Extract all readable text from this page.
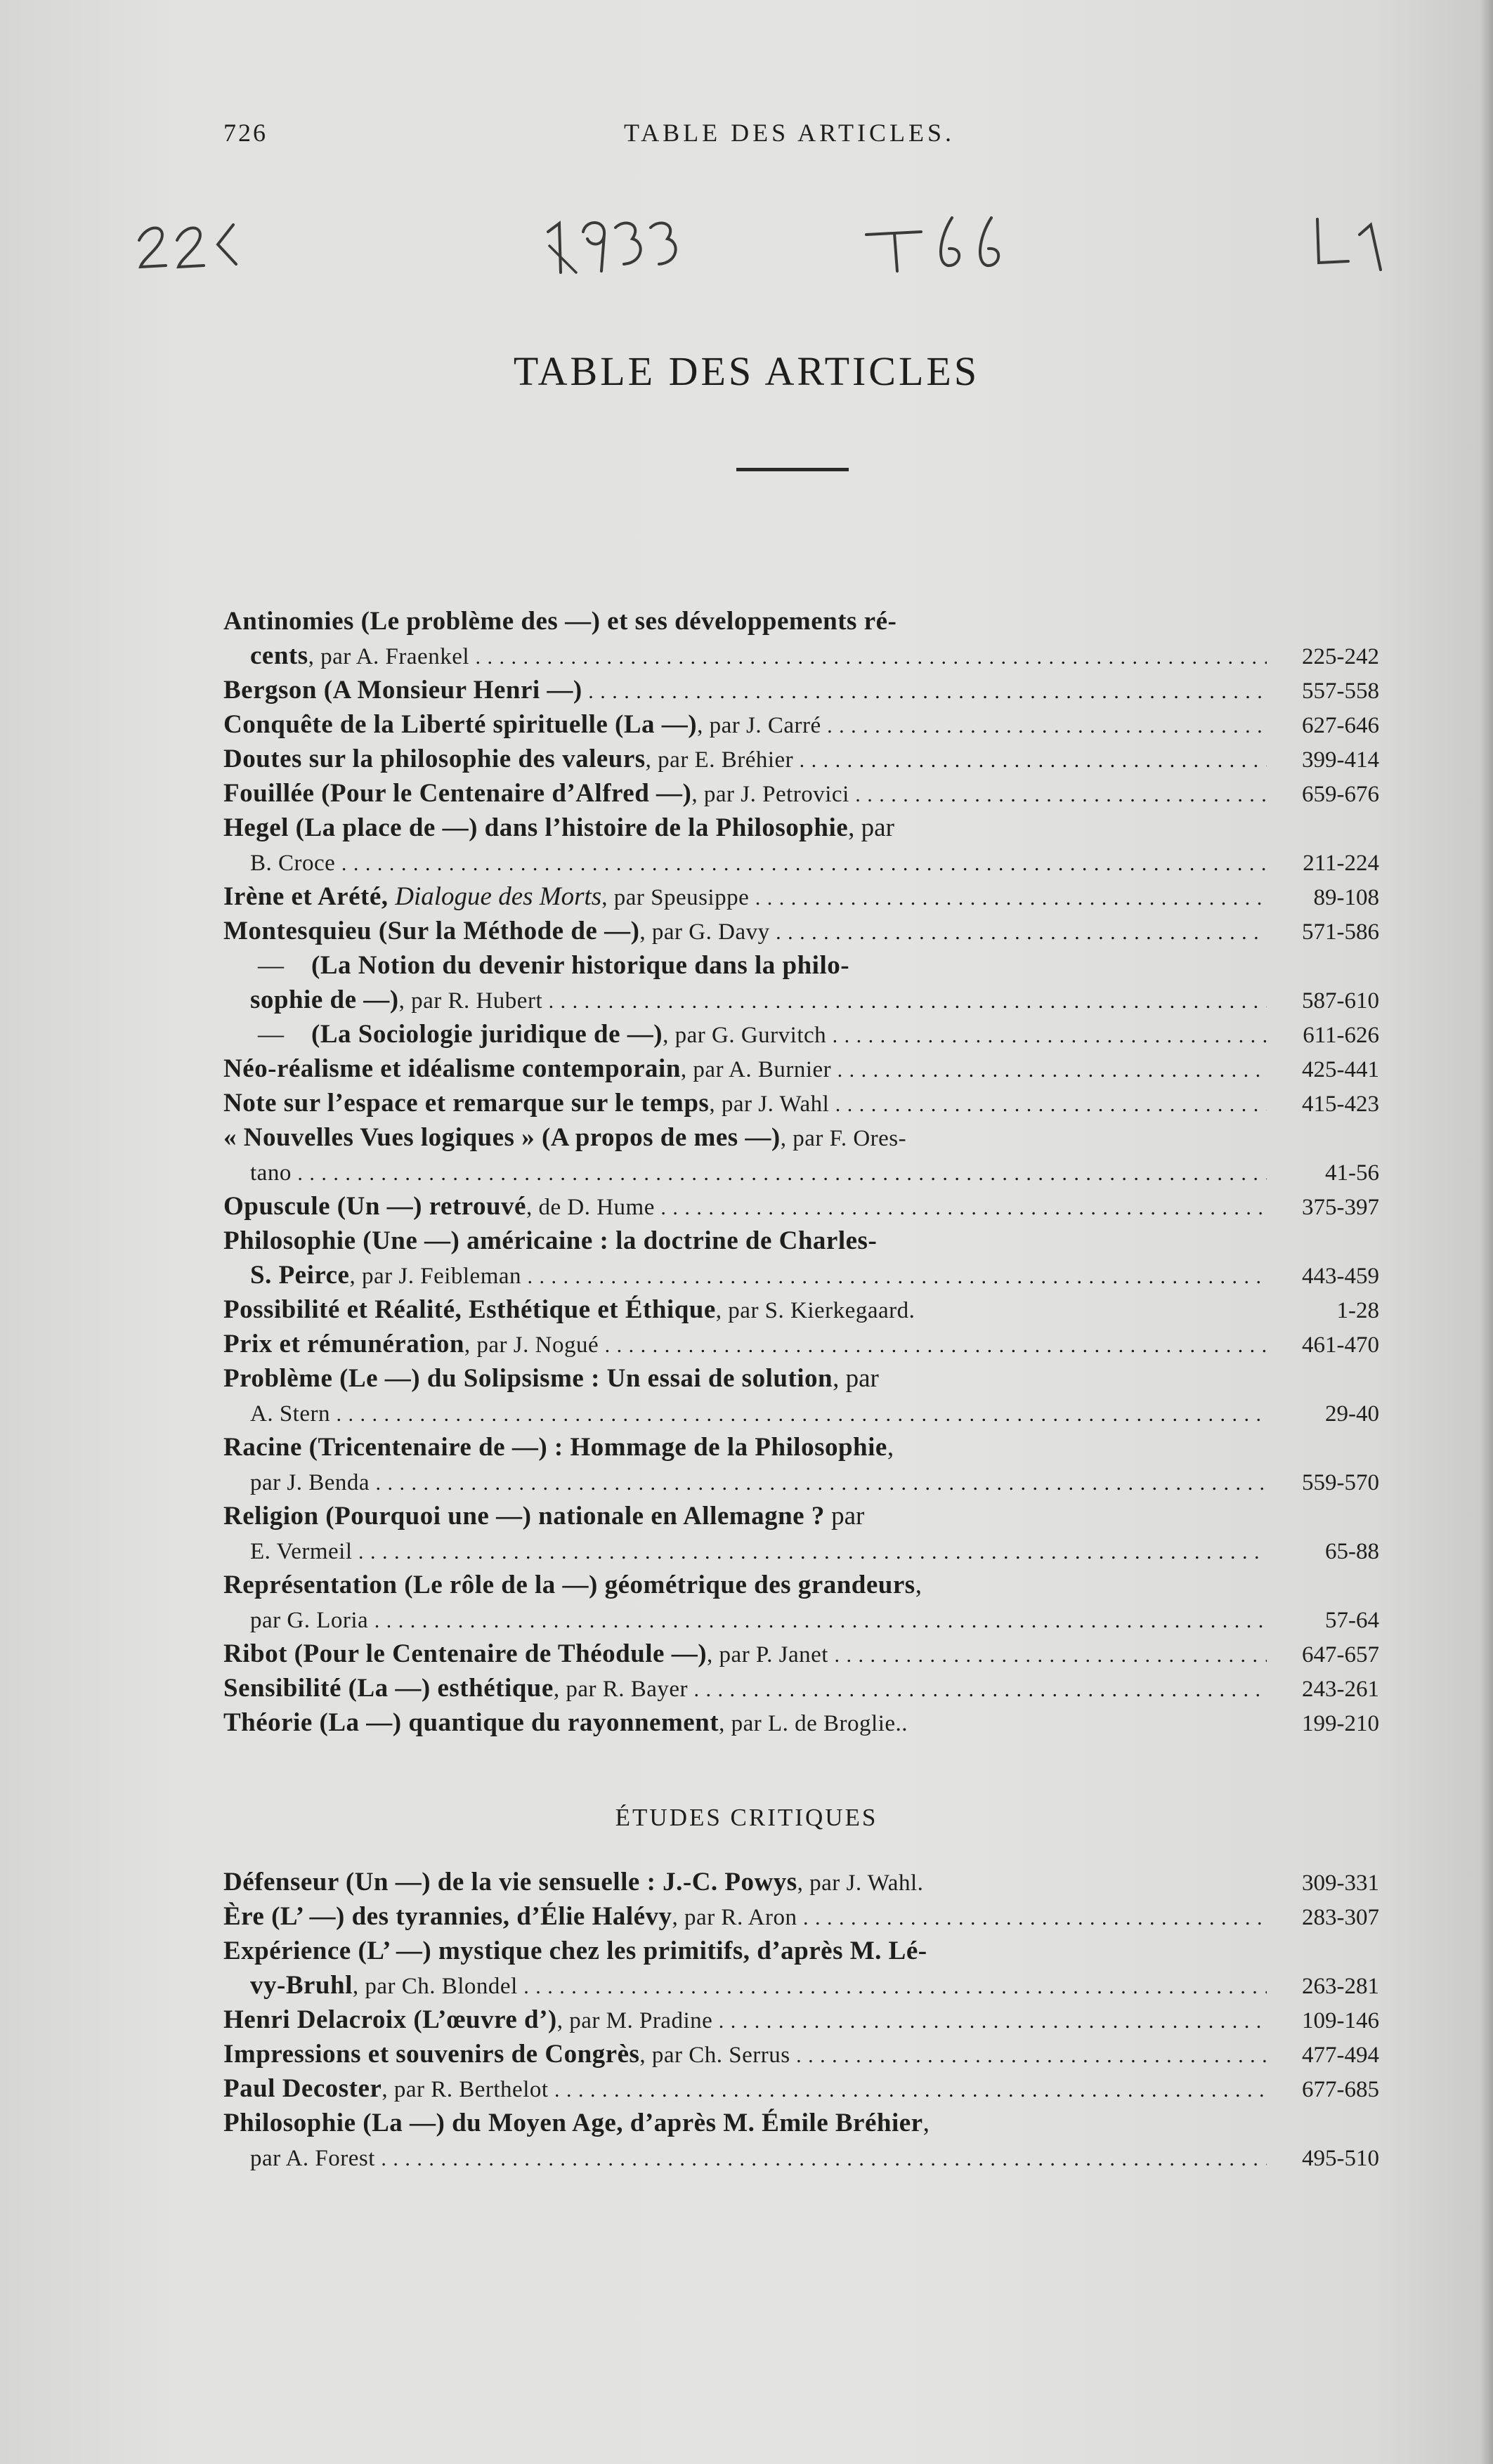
726	TABLE DES ARTICLES.
TABLE DES ARTICLES
Antinomies (Le problème des —) et ses développements ré-
cents, par A. Fraenkel . . .	225-242
Bergson (A Monsieur Henri —) . . .	557-558
Conquête de la Liberté spirituelle (La —), par J. Carré . . .	627-646
Doutes sur la philosophie des valeurs, par E. Bréhier . . .	399-414
Fouillée (Pour le Centenaire d’Alfred —), par J. Petrovici . . .	659-676
Hegel (La place de —) dans l’histoire de la Philosophie, par
B. Croce . . .	211-224
Irène et Arété, Dialogue des Morts, par Speusippe . . .	89-108
Montesquieu (Sur la Méthode de —), par G. Davy . . .	571-586
— (La Notion du devenir historique dans la philo-
sophie de —), par R. Hubert . . .	587-610
— (La Sociologie juridique de —), par G. Gurvitch . . .	611-626
Néo-réalisme et idéalisme contemporain, par A. Burnier . . .	425-441
Note sur l’espace et remarque sur le temps, par J. Wahl . . .	415-423
« Nouvelles Vues logiques » (A propos de mes —), par F. Ores-
tano . . .	41-56
Opuscule (Un —) retrouvé, de D. Hume . . .	375-397
Philosophie (Une —) américaine : la doctrine de Charles-
S. Peirce, par J. Feibleman . . .	443-459
Possibilité et Réalité, Esthétique et Éthique, par S. Kierkegaard.	1-28
Prix et rémunération, par J. Nogué . . .	461-470
Problème (Le —) du Solipsisme : Un essai de solution, par
A. Stern . . .	29-40
Racine (Tricentenaire de —) : Hommage de la Philosophie,
par J. Benda . . .	559-570
Religion (Pourquoi une —) nationale en Allemagne ? par
E. Vermeil . . .	65-88
Représentation (Le rôle de la —) géométrique des grandeurs,
par G. Loria . . .	57-64
Ribot (Pour le Centenaire de Théodule —), par P. Janet . . .	647-657
Sensibilité (La —) esthétique, par R. Bayer . . .	243-261
Théorie (La —) quantique du rayonnement, par L. de Broglie..	199-210
ÉTUDES CRITIQUES
Défenseur (Un —) de la vie sensuelle : J.-C. Powys, par J. Wahl.	309-331
Ère (L’ —) des tyrannies, d’Élie Halévy, par R. Aron . . .	283-307
Expérience (L’ —) mystique chez les primitifs, d’après M. Lé-
vy-Bruhl, par Ch. Blondel . . .	263-281
Henri Delacroix (L’œuvre d’), par M. Pradine . . .	109-146
Impressions et souvenirs de Congrès, par Ch. Serrus . . .	477-494
Paul Decoster, par R. Berthelot . . .	677-685
Philosophie (La —) du Moyen Age, d’après M. Émile Bréhier,
par A. Forest . . .	495-510
